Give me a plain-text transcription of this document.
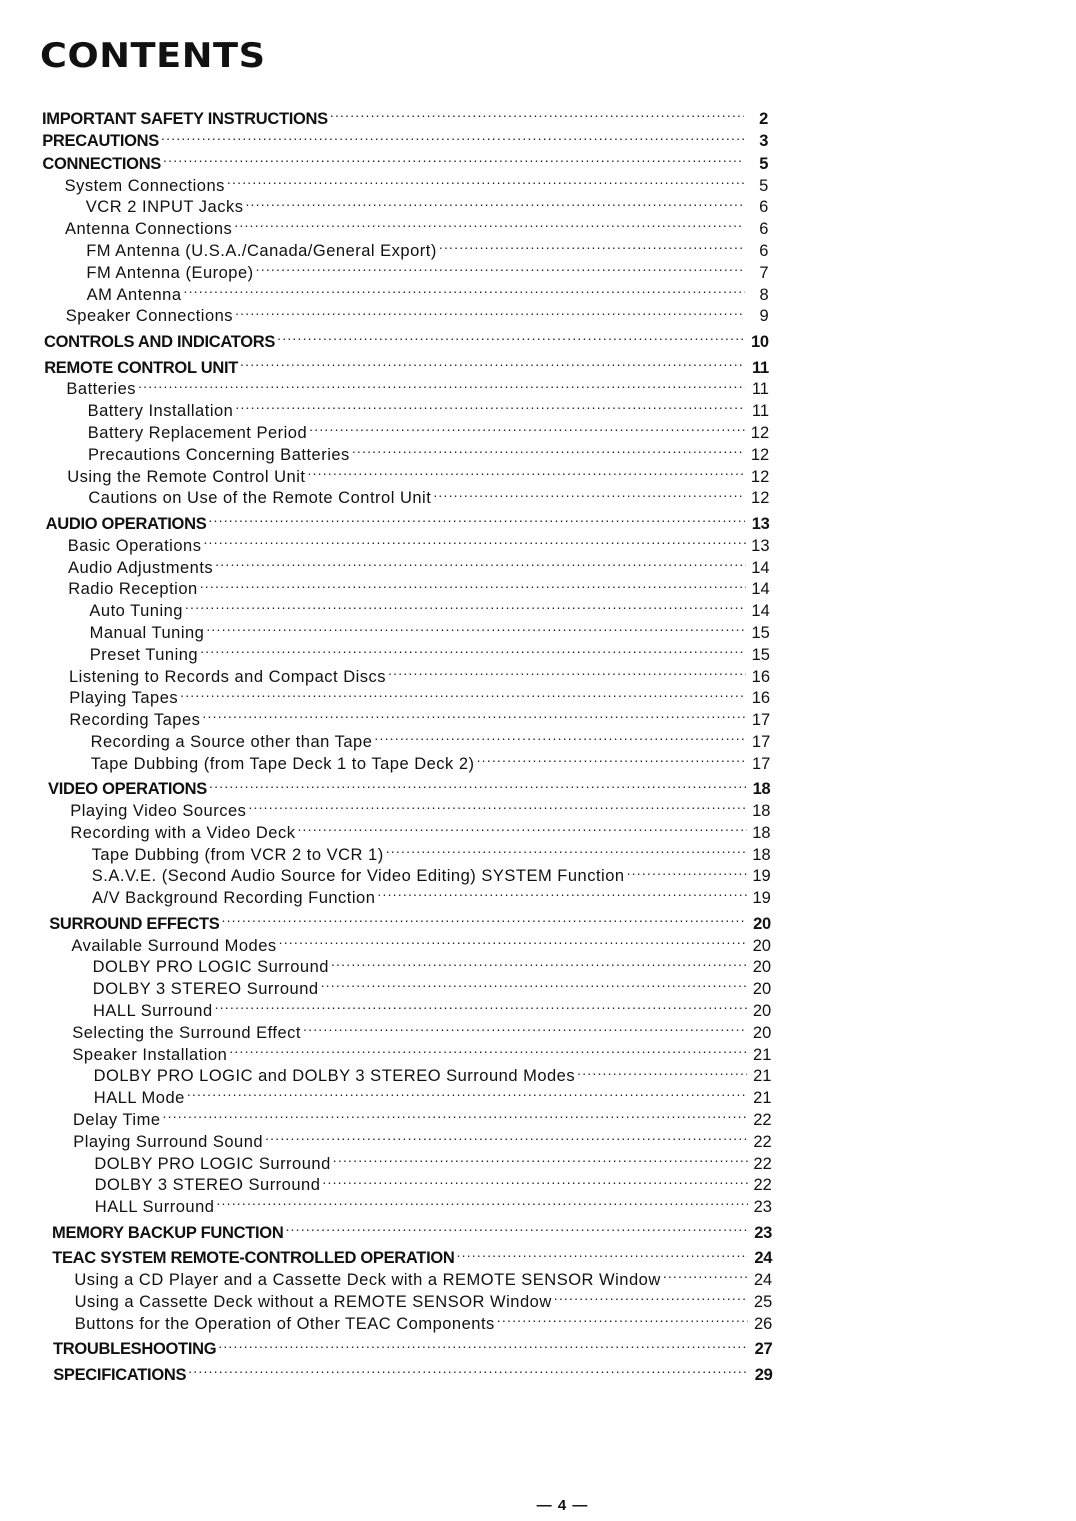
CONTENTS
IMPORTANT SAFETY INSTRUCTIONS .....	2
PRECAUTIONS .....	3
CONNECTIONS .....	5
System Connections .....	5
VCR 2 INPUT Jacks .....	6
Antenna Connections .....	6
FM Antenna (U.S.A./Canada/General Export) .....	6
FM Antenna (Europe) .....	7
AM Antenna .....	8
Speaker Connections .....	9
CONTROLS AND INDICATORS .....	10
REMOTE CONTROL UNIT .....	11
Batteries .....	11
Battery Installation .....	11
Battery Replacement Period .....	12
Precautions Concerning Batteries .....	12
Using the Remote Control Unit .....	12
Cautions on Use of the Remote Control Unit .....	12
AUDIO OPERATIONS .....	13
Basic Operations .....	13
Audio Adjustments .....	14
Radio Reception .....	14
Auto Tuning .....	14
Manual Tuning .....	15
Preset Tuning .....	15
Listening to Records and Compact Discs .....	16
Playing Tapes .....	16
Recording Tapes .....	17
Recording a Source other than Tape .....	17
Tape Dubbing (from Tape Deck 1 to Tape Deck 2) .....	17
VIDEO OPERATIONS .....	18
Playing Video Sources .....	18
Recording with a Video Deck .....	18
Tape Dubbing (from VCR 2 to VCR 1) .....	18
S.A.V.E. (Second Audio Source for Video Editing) SYSTEM Function .....	19
A/V Background Recording Function .....	19
SURROUND EFFECTS .....	20
Available Surround Modes .....	20
DOLBY PRO LOGIC Surround .....	20
DOLBY 3 STEREO Surround .....	20
HALL Surround .....	20
Selecting the Surround Effect .....	20
Speaker Installation .....	21
DOLBY PRO LOGIC and DOLBY 3 STEREO Surround Modes .....	21
HALL Mode .....	21
Delay Time .....	22
Playing Surround Sound .....	22
DOLBY PRO LOGIC Surround .....	22
DOLBY 3 STEREO Surround .....	22
HALL Surround .....	23
MEMORY BACKUP FUNCTION .....	23
TEAC SYSTEM REMOTE-CONTROLLED OPERATION .....	24
Using a CD Player and a Cassette Deck with a REMOTE SENSOR Window .....	24
Using a Cassette Deck without a REMOTE SENSOR Window .....	25
Buttons for the Operation of Other TEAC Components .....	26
TROUBLESHOOTING .....	27
SPECIFICATIONS .....	29
— 4 —
